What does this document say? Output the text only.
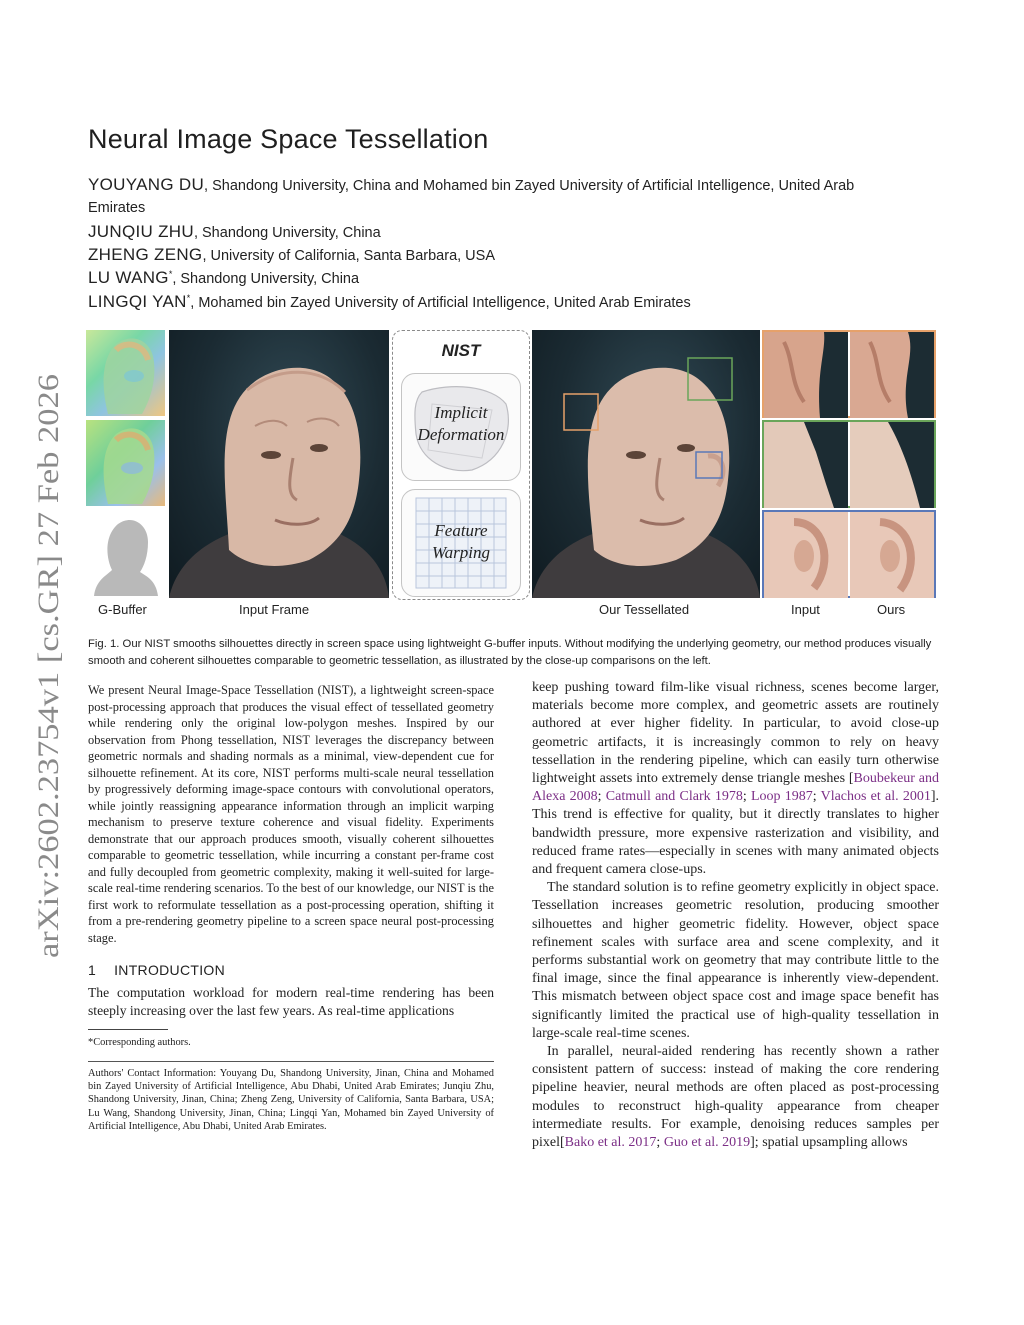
arXiv:2602.23754v1 [cs.GR] 27 Feb 2026
Neural Image Space Tessellation
YOUYANG DU, Shandong University, China and Mohamed bin Zayed University of Artificial Intelligence, United Arab
Emirates
JUNQIU ZHU, Shandong University, China
ZHENG ZENG, University of California, Santa Barbara, USA
LU WANG*, Shandong University, China
LINGQI YAN*, Mohamed bin Zayed University of Artificial Intelligence, United Arab Emirates
NIST
Implicit
Deformation
Feature
Warping
G-Buffer	Input Frame	Our Tessellated	Input	Ours

Fig. 1. Our NIST smooths silhouettes directly in screen space using lightweight G-buffer inputs. Without modifying the underlying geometry, our method produces visually smooth and coherent silhouettes comparable to geometric tessellation, as illustrated by the close-up comparisons on the left.

We present Neural Image-Space Tessellation (NIST), a lightweight screen-space post-processing approach that produces the visual effect of tessellated geometry while rendering only the original low-polygon meshes. Inspired by our observation from Phong tessellation, NIST leverages the discrepancy between geometric normals and shading normals as a minimal, view-dependent cue for silhouette refinement. At its core, NIST performs multi-scale neural tessellation by progressively deforming image-space contours with convolutional operators, while jointly reassigning appearance information through an implicit warping mechanism to preserve texture coherence and visual fidelity. Experiments demonstrate that our approach produces smooth, visually coherent silhouettes comparable to geometric tessellation, while incurring a constant per-frame cost and fully decoupled from geometric complexity, making it well-suited for large-scale real-time rendering scenarios. To the best of our knowledge, our NIST is the first work to reformulate tessellation as a post-processing operation, shifting it from a pre-rendering geometry pipeline to a screen space neural post-processing stage.

1 INTRODUCTION

The computation workload for modern real-time rendering has been steeply increasing over the last few years. As real-time applications

*Corresponding authors.

Authors' Contact Information: Youyang Du, Shandong University, Jinan, China and Mohamed bin Zayed University of Artificial Intelligence, Abu Dhabi, United Arab Emirates; Junqiu Zhu, Shandong University, Jinan, China; Zheng Zeng, University of California, Santa Barbara, USA; Lu Wang, Shandong University, Jinan, China; Lingqi Yan, Mohamed bin Zayed University of Artificial Intelligence, Abu Dhabi, United Arab Emirates.

keep pushing toward film-like visual richness, scenes become larger, materials become more complex, and geometric assets are routinely authored at ever higher fidelity. In particular, to avoid close-up geometric artifacts, it is increasingly common to rely on heavy tessellation in the rendering pipeline, which can easily turn otherwise lightweight assets into extremely dense triangle meshes [Boubekeur and Alexa 2008; Catmull and Clark 1978; Loop 1987; Vlachos et al. 2001]. This trend is effective for quality, but it directly translates to higher bandwidth pressure, more expensive rasterization and visibility, and reduced frame rates—especially in scenes with many animated objects and frequent camera close-ups.

The standard solution is to refine geometry explicitly in object space. Tessellation increases geometric resolution, producing smoother silhouettes and higher geometric fidelity. However, object space refinement scales with surface area and scene complexity, and it performs substantial work on geometry that may contribute little to the final image, since the final appearance is inherently view-dependent. This mismatch between object space cost and image space benefit has significantly limited the practical use of high-quality tessellation in large-scale real-time scenes.

In parallel, neural-aided rendering has recently shown a rather consistent pattern of success: instead of making the core rendering pipeline heavier, neural methods are often placed as post-processing modules to reconstruct high-quality appearance from cheaper intermediate results. For example, denoising reduces samples per pixel[Bako et al. 2017; Guo et al. 2019]; spatial upsampling allows
